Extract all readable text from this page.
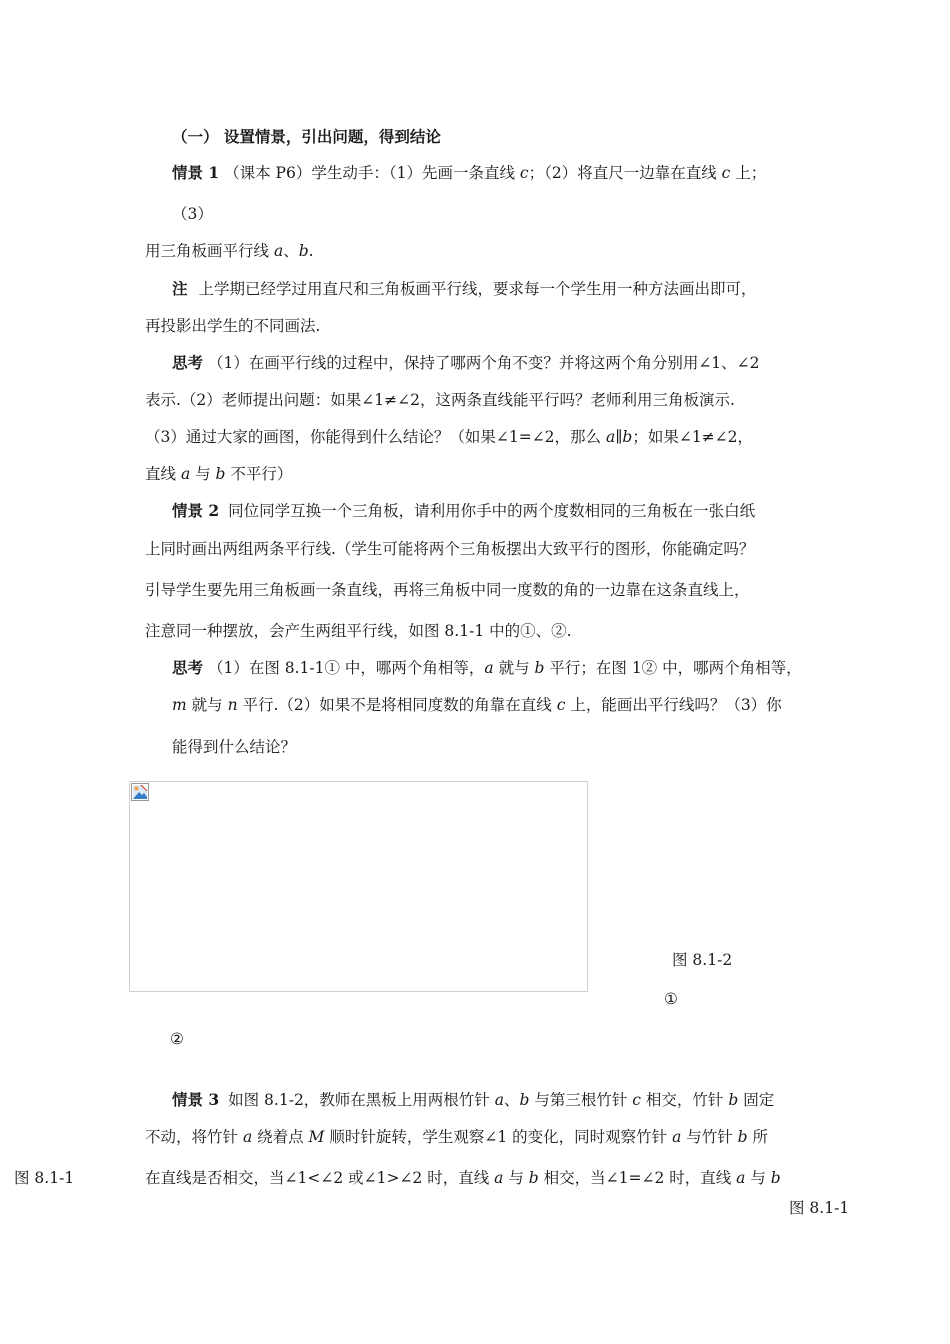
（一） 设置情景，引出问题，得到结论
情景 1 （课本 P6）学生动手：（1）先画一条直线 c；（2）将直尺一边靠在直线 c 上；
（3）
用三角板画平行线 a、b.
注 上学期已经学过用直尺和三角板画平行线，要求每一个学生用一种方法画出即可，
再投影出学生的不同画法.
思考 （1）在画平行线的过程中，保持了哪两个角不变？并将这两个角分别用∠1、∠2
表示.（2）老师提出问题：如果∠1≠∠2，这两条直线能平行吗？老师利用三角板演示.
（3）通过大家的画图，你能得到什么结论？（如果∠1=∠2，那么 a∥b；如果∠1≠∠2，
直线 a 与 b 不平行）
情景 2 同位同学互换一个三角板，请利用你手中的两个度数相同的三角板在一张白纸
上同时画出两组两条平行线.（学生可能将两个三角板摆出大致平行的图形，你能确定吗？
引导学生要先用三角板画一条直线，再将三角板中同一度数的角的一边靠在这条直线上，
注意同一种摆放，会产生两组平行线，如图 8.1-1 中的①、②.
思考 （1）在图 8.1-1① 中，哪两个角相等，a 就与 b 平行；在图 1② 中，哪两个角相等，
m 就与 n 平行.（2）如果不是将相同度数的角靠在直线 c 上，能画出平行线吗？（3）你
能得到什么结论？
图 8.1-2
①
②
情景 3 如图 8.1-2，教师在黑板上用两根竹针 a、b 与第三根竹针 c 相交，竹针 b 固定
不动，将竹针 a 绕着点 M 顺时针旋转，学生观察∠1 的变化，同时观察竹针 a 与竹针 b 所
图 8.1-1	在直线是否相交，当∠1<∠2 或∠1>∠2 时，直线 a 与 b 相交，当∠1=∠2 时，直线 a 与 b
图 8.1-1
